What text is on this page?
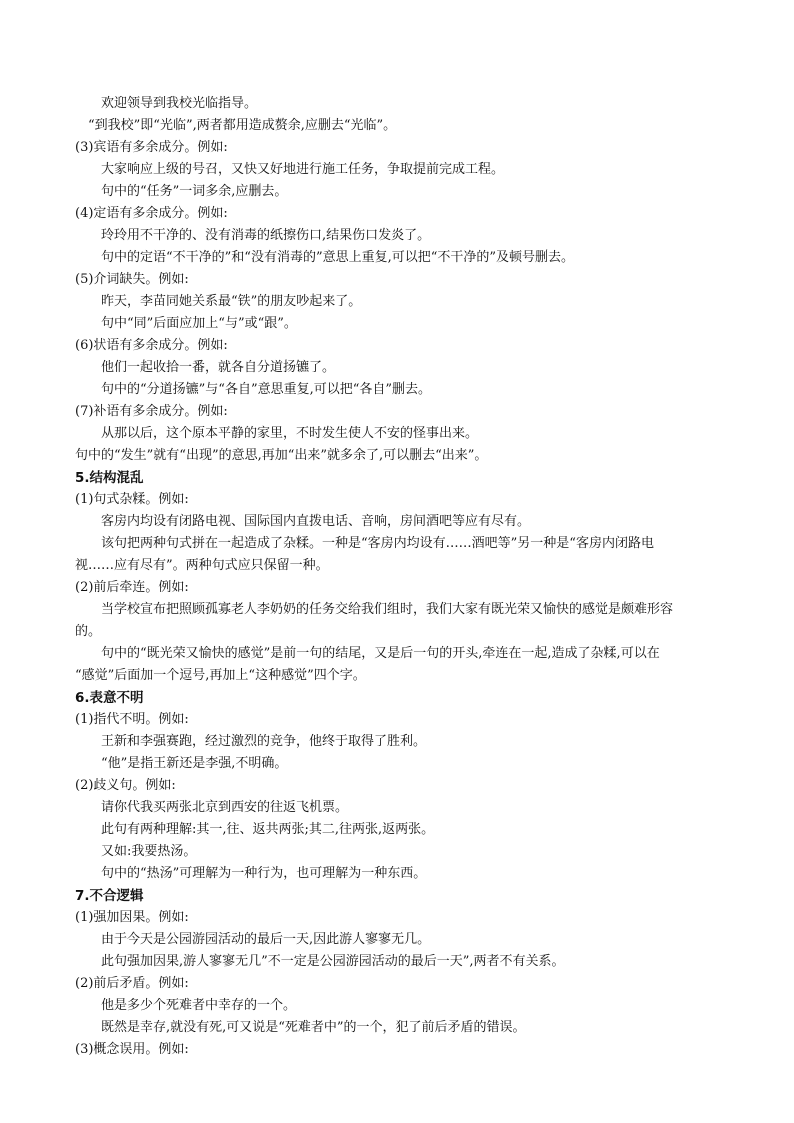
欢迎领导到我校光临指导。
“到我校”即“光临”,两者都用造成赘余,应删去“光临”。
(3)宾语有多余成分。例如:
大家响应上级的号召，又快又好地进行施工任务，争取提前完成工程。
句中的“任务”一词多余,应删去。
(4)定语有多余成分。例如:
玲玲用不干净的、没有消毒的纸擦伤口,结果伤口发炎了。
句中的定语“不干净的”和“没有消毒的”意思上重复,可以把“不干净的”及顿号删去。
(5)介词缺失。例如:
昨天，李苗同她关系最“铁”的朋友吵起来了。
句中“同”后面应加上“与”或“跟”。
(6)状语有多余成分。例如:
他们一起收拾一番，就各自分道扬镳了。
句中的“分道扬镳”与“各自”意思重复,可以把“各自”删去。
(7)补语有多余成分。例如:
从那以后，这个原本平静的家里，不时发生使人不安的怪事出来。
句中的“发生”就有“出现”的意思,再加“出来”就多余了,可以删去“出来”。
5.结构混乱
(1)句式杂糅。例如:
客房内均设有闭路电视、国际国内直拨电话、音响，房间酒吧等应有尽有。
该句把两种句式拼在一起造成了杂糅。一种是“客房内均设有……酒吧等”另一种是“客房内闭路电
视……应有尽有”。两种句式应只保留一种。
(2)前后牵连。例如:
当学校宣布把照顾孤寡老人李奶奶的任务交给我们组时，我们大家有既光荣又愉快的感觉是颇难形容
的。
句中的“既光荣又愉快的感觉”是前一句的结尾，又是后一句的开头,牵连在一起,造成了杂糅,可以在
“感觉”后面加一个逗号,再加上“这种感觉”四个字。
6.表意不明
(1)指代不明。例如:
王新和李强赛跑，经过激烈的竞争，他终于取得了胜利。
“他”是指王新还是李强,不明确。
(2)歧义句。例如:
请你代我买两张北京到西安的往返飞机票。
此句有两种理解:其一,往、返共两张;其二,往两张,返两张。
又如:我要热汤。
句中的“热汤”可理解为一种行为，也可理解为一种东西。
7.不合逻辑
(1)强加因果。例如:
由于今天是公园游园活动的最后一天,因此游人寥寥无几。
此句强加因果,游人寥寥无几”不一定是公园游园活动的最后一天”,两者不有关系。
(2)前后矛盾。例如:
他是多少个死难者中幸存的一个。
既然是幸存,就没有死,可又说是“死难者中”的一个，犯了前后矛盾的错误。
(3)概念误用。例如:
